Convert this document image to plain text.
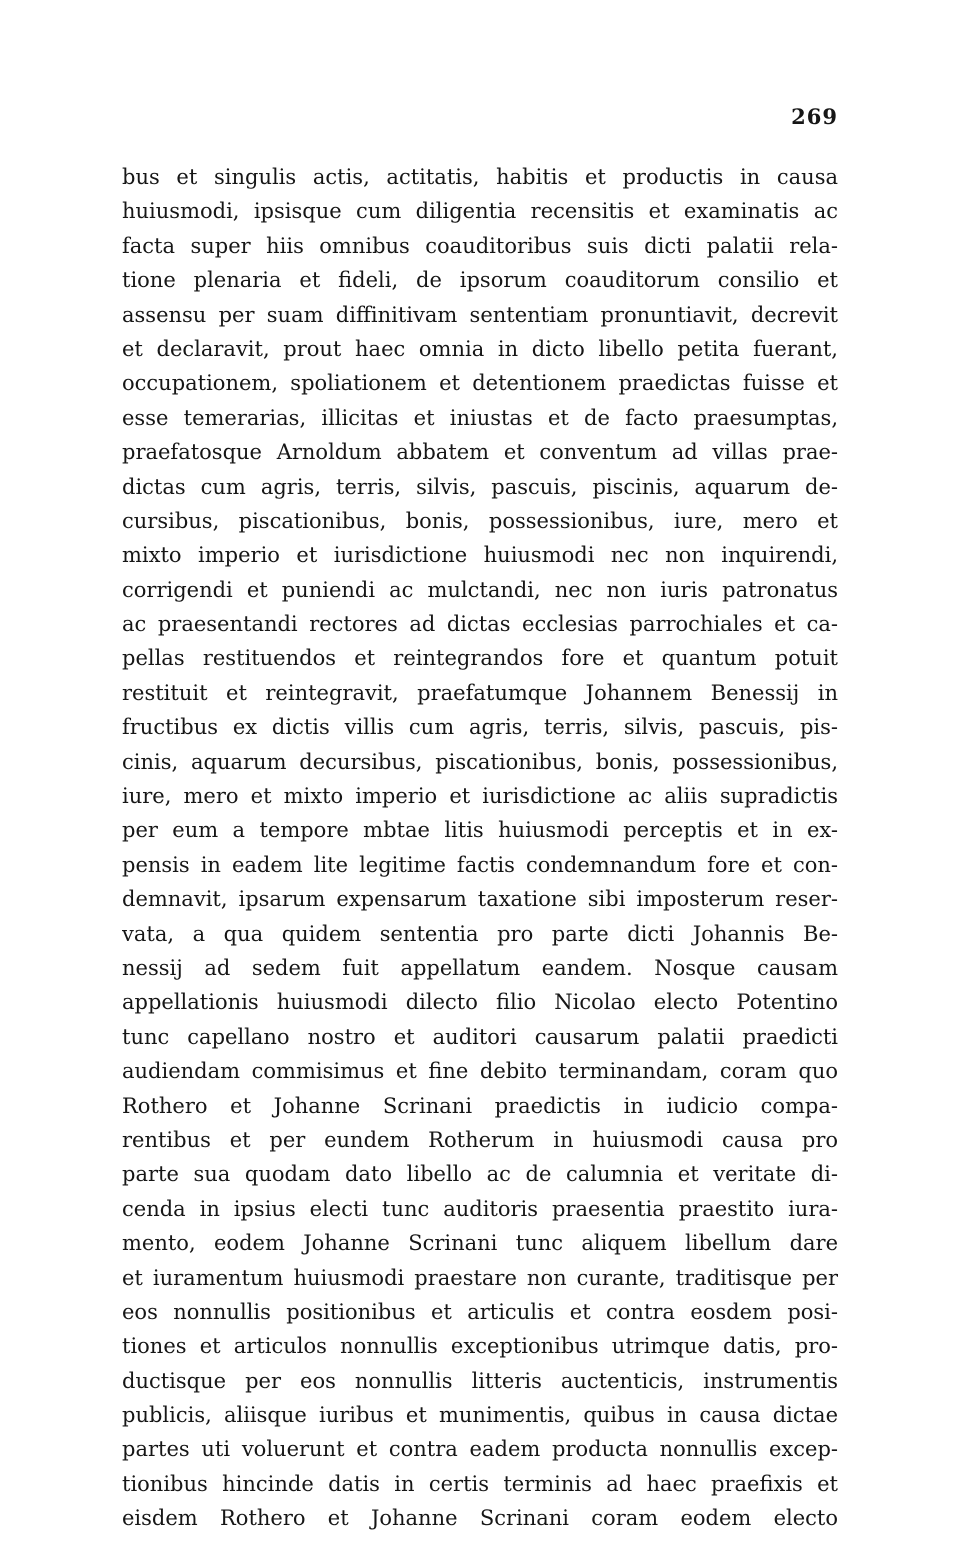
269
bus et singulis actis, actitatis, habitis et productis in causa
huiusmodi, ipsisque cum diligentia recensitis et examinatis ac
facta super hiis omnibus coauditoribus suis dicti palatii rela-
tione plenaria et fideli, de ipsorum coauditorum consilio et
assensu per suam diffinitivam sententiam pronuntiavit, decrevit
et declaravit, prout haec omnia in dicto libello petita fuerant,
occupationem, spoliationem et detentionem praedictas fuisse et
esse temerarias, illicitas et iniustas et de facto praesumptas,
praefatosque Arnoldum abbatem et conventum ad villas prae-
dictas cum agris, terris, silvis, pascuis, piscinis, aquarum de-
cursibus, piscationibus, bonis, possessionibus, iure, mero et
mixto imperio et iurisdictione huiusmodi nec non inquirendi,
corrigendi et puniendi ac mulctandi, nec non iuris patronatus
ac praesentandi rectores ad dictas ecclesias parrochiales et ca-
pellas restituendos et reintegrandos fore et quantum potuit
restituit et reintegravit, praefatumque Johannem Benessij in
fructibus ex dictis villis cum agris, terris, silvis, pascuis, pis-
cinis, aquarum decursibus, piscationibus, bonis, possessionibus,
iure, mero et mixto imperio et iurisdictione ac aliis supradictis
per eum a tempore mbtae litis huiusmodi perceptis et in ex-
pensis in eadem lite legitime factis condemnandum fore et con-
demnavit, ipsarum expensarum taxatione sibi imposterum reser-
vata, a qua quidem sententia pro parte dicti Johannis Be-
nessij ad sedem fuit appellatum eandem. Nosque causam
appellationis huiusmodi dilecto filio Nicolao electo Potentino
tunc capellano nostro et auditori causarum palatii praedicti
audiendam commisimus et fine debito terminandam, coram quo
Rothero et Johanne Scrinani praedictis in iudicio compa-
rentibus et per eundem Rotherum in huiusmodi causa pro
parte sua quodam dato libello ac de calumnia et veritate di-
cenda in ipsius electi tunc auditoris praesentia praestito iura-
mento, eodem Johanne Scrinani tunc aliquem libellum dare
et iuramentum huiusmodi praestare non curante, traditisque per
eos nonnullis positionibus et articulis et contra eosdem posi-
tiones et articulos nonnullis exceptionibus utrimque datis, pro-
ductisque per eos nonnullis litteris auctenticis, instrumentis
publicis, aliisque iuribus et munimentis, quibus in causa dictae
partes uti voluerunt et contra eadem producta nonnullis excep-
tionibus hincinde datis in certis terminis ad haec praefixis et
eisdem Rothero et Johanne Scrinani coram eodem electo
